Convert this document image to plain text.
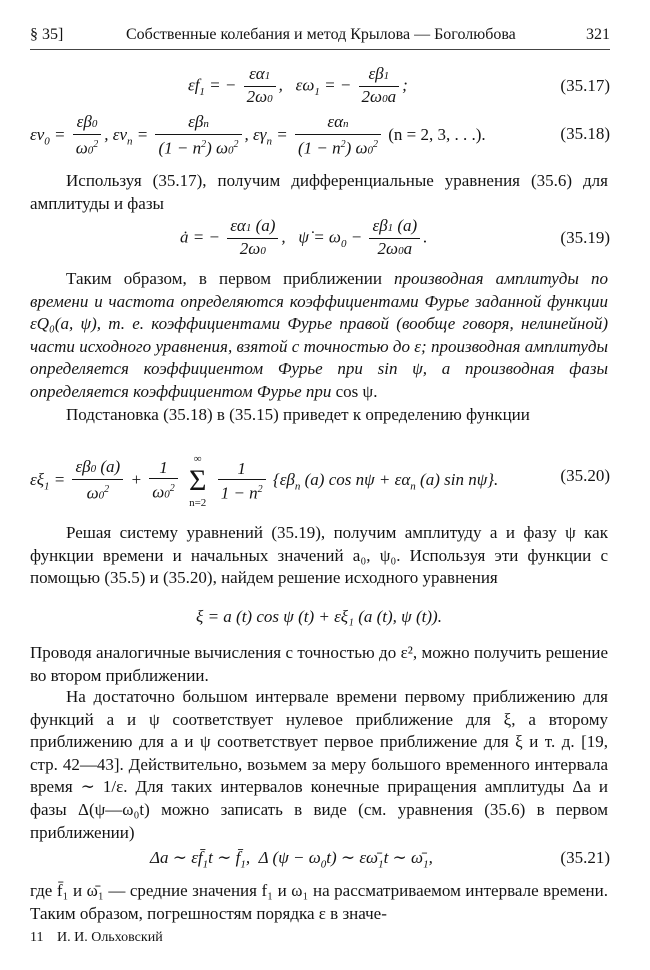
§ 35]	Собственные колебания и метод Крылова — Боголюбова	321
$\varepsilon f_1$ = − $\frac{\varepsilon\alpha 1}{2\omega 0}$ ,   $\varepsilon\omega_1$ = − $\frac{\varepsilon\beta 1}{2\omega 0a}$ ;	(35.17)
$\varepsilon\nu_0 = \frac{\varepsilon\beta 0}{\omega 0^2}$ , $\varepsilon\nu_n = \frac{\text{εβn}}{(1 - n^2) \omega 0^2}$ , $\varepsilon\gamma_n = \frac{\text{εαn}}{(1 - n^2) \omega 0^2} (n = 2$, 3, . . .).	(35.18)

Используя (35.17), получим дифференциальные уравнения (35.6) для амплитуды и фазы

ȧ = − $\frac{\varepsilon\alpha 1 (a)}{2\omega 0}$ ,   ψ̇ = $\omega_0 - \frac{\varepsilon\beta 1 (a)}{2\omega 0a}$ .	(35.19)

Таким образом, в первом приближении производная амплитуды по времени и частота определяются коэффициентами Фурье заданной функции εQ₀(a, ψ), т. е. коэффициентами Фурье правой (вообще говоря, нелинейной) части исходного уравнения, взятой с точностью до ε; производная амплитуды определяется коэффициентом Фурье при sin ψ, а производная фазы определяется коэффициентом Фурье при cos ψ.

Подстановка (35.18) в (35.15) приведет к определению функции

$\varepsilon\xi_1 = \frac{\varepsilon\beta 0 (a)}{\omega 0^2} + \frac{1}{\omega 0^2}$
	∞
Σ
n=2
$\frac{1}{1 - n^2} \{\varepsilon\beta_n$ (a) $\cos n\psi + \varepsilon\alpha_n$ (a) sin nψ}.	(35.20)

Решая систему уравнений (35.19), получим амплитуду a и фазу ψ как функции времени и начальных значений a₀, ψ₀. Используя эти функции с помощью (35.5) и (35.20), найдем решение исходного уравнения

ξ = a (t) cos ψ (t) + εξ₁ (a (t), ψ (t)).

Проводя аналогичные вычисления с точностью до ε², можно получить решение во втором приближении.

На достаточно большом интервале времени первому приближению для функций a и ψ соответствует нулевое приближение для ξ, а второму приближению для a и ψ соответствует первое приближение для ξ и т. д. [19, стр. 42—43]. Действительно, возьмем за меру большого временного интервала время ∼ 1/ε. Для таких интервалов конечные приращения амплитуды Δa и фазы Δ(ψ—ω₀t) можно записать в виде (см. уравнения (35.6) в первом приближении)

Δa ∼ $\varepsilon f̄_1t$ ∼ $f̄_1$,  Δ $(\psi - \omega_0t)$ ∼ $\varepsilon\omegā_1t$ ∼ $\omegā_1$,	(35.21)

где f̄₁ и ω̄₁ — средние значения f₁ и ω₁ на рассматриваемом интервале времени. Таким образом, погрешностям порядка ε в значе-

11 И. И. Ольховский
